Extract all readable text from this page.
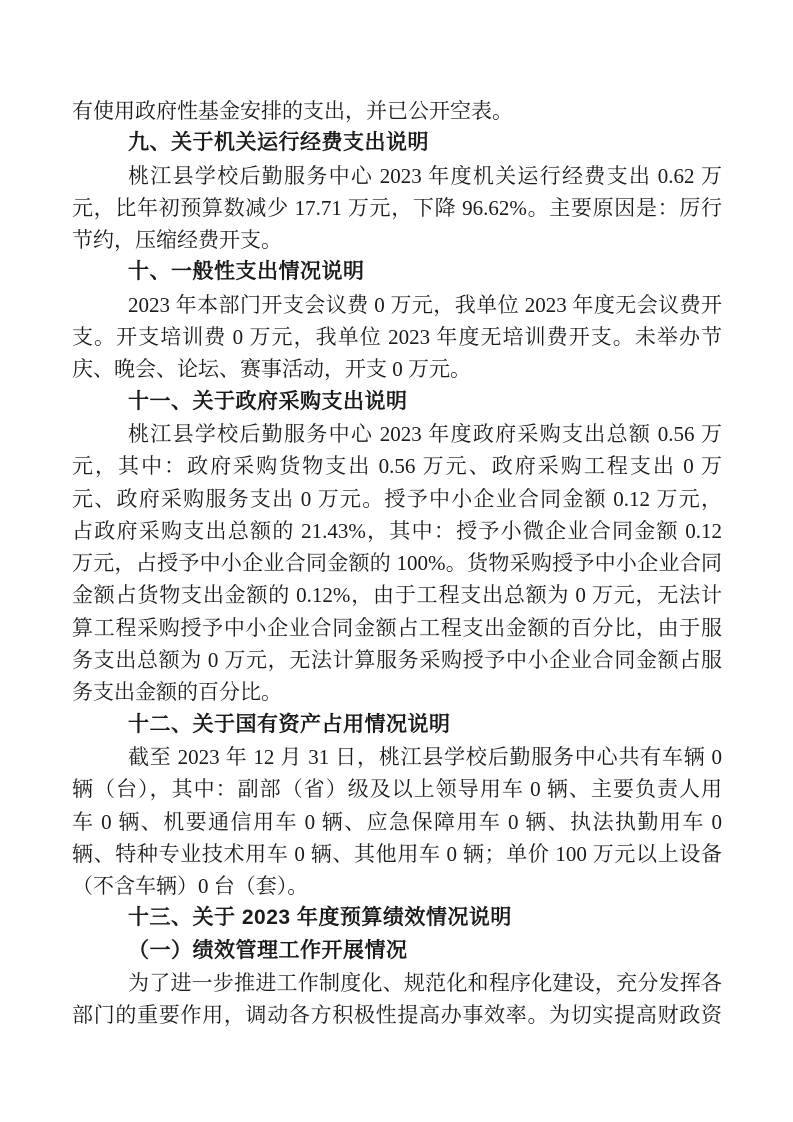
有使用政府性基金安排的支出，并已公开空表。
九、关于机关运行经费支出说明
桃江县学校后勤服务中心 2023 年度机关运行经费支出 0.62 万
元，比年初预算数减少 17.71 万元，下降 96.62%。主要原因是：厉行
节约，压缩经费开支。
十、一般性支出情况说明
2023 年本部门开支会议费 0 万元，我单位 2023 年度无会议费开
支。开支培训费 0 万元，我单位 2023 年度无培训费开支。未举办节
庆、晚会、论坛、赛事活动，开支 0 万元。
十一、关于政府采购支出说明
桃江县学校后勤服务中心 2023 年度政府采购支出总额 0.56 万
元，其中：政府采购货物支出 0.56 万元、政府采购工程支出 0 万
元、政府采购服务支出 0 万元。授予中小企业合同金额 0.12 万元，
占政府采购支出总额的 21.43%，其中：授予小微企业合同金额 0.12
万元，占授予中小企业合同金额的 100%。货物采购授予中小企业合同
金额占货物支出金额的 0.12%，由于工程支出总额为 0 万元，无法计
算工程采购授予中小企业合同金额占工程支出金额的百分比，由于服
务支出总额为 0 万元，无法计算服务采购授予中小企业合同金额占服
务支出金额的百分比。
十二、关于国有资产占用情况说明
截至 2023 年 12 月 31 日，桃江县学校后勤服务中心共有车辆 0
辆（台），其中：副部（省）级及以上领导用车 0 辆、主要负责人用
车 0 辆、机要通信用车 0 辆、应急保障用车 0 辆、执法执勤用车 0
辆、特种专业技术用车 0 辆、其他用车 0 辆；单价 100 万元以上设备
（不含车辆）0 台（套）。
十三、关于 2023 年度预算绩效情况说明
（一）绩效管理工作开展情况
为了进一步推进工作制度化、规范化和程序化建设，充分发挥各
部门的重要作用，调动各方积极性提高办事效率。为切实提高财政资
